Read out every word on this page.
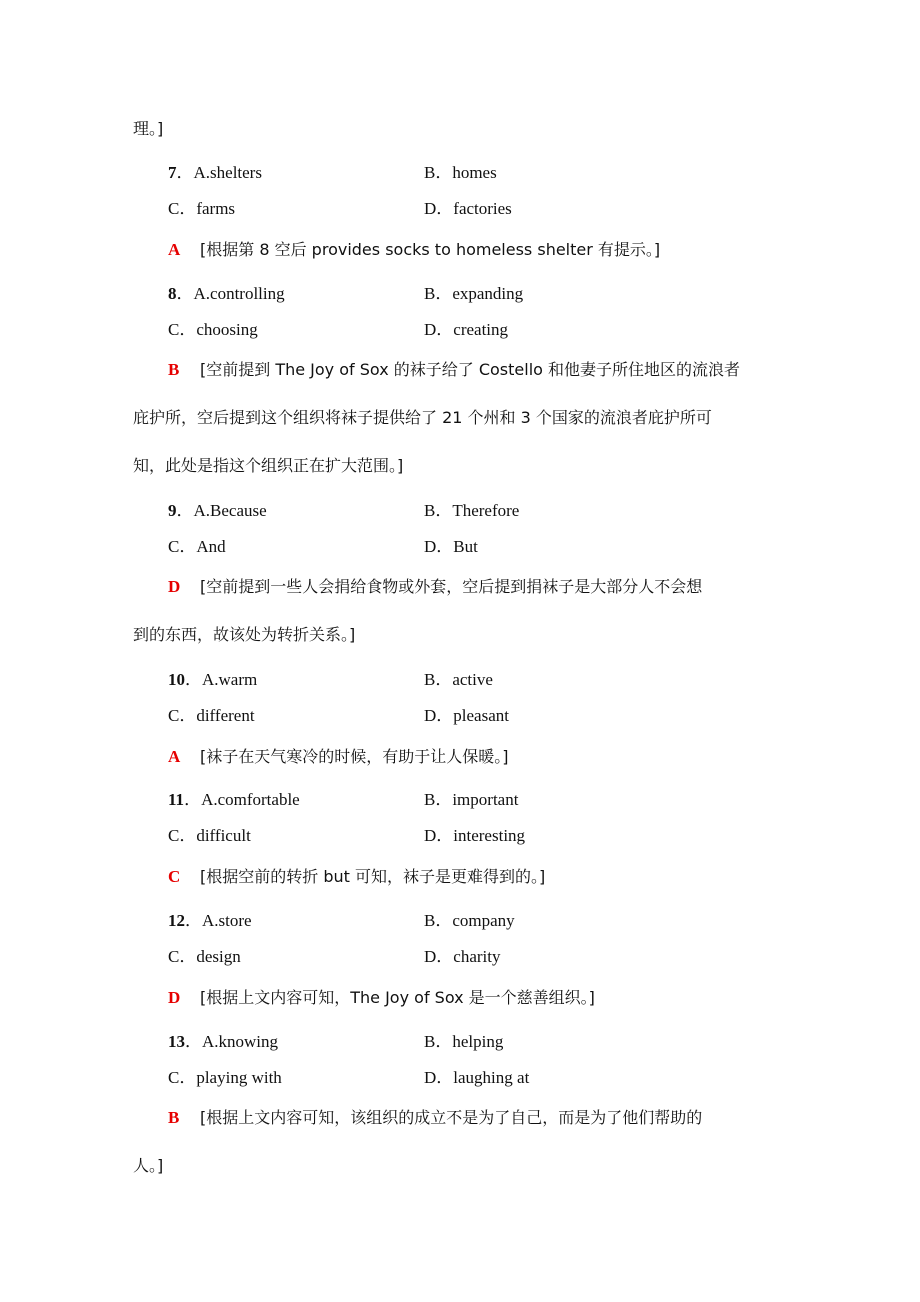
理。]
7．A.shelters	B．homes
C．farms	D．factories
A [根据第 8 空后 provides socks to homeless shelter 有提示。]
8．A.controlling	B．expanding
C．choosing	D．creating
B [空前提到 The Joy of Sox 的袜子给了 Costello 和他妻子所住地区的流浪者
庇护所，空后提到这个组织将袜子提供给了 21 个州和 3 个国家的流浪者庇护所可
知，此处是指这个组织正在扩大范围。]
9．A.Because	B．Therefore
C．And	D．But
D [空前提到一些人会捐给食物或外套，空后提到捐袜子是大部分人不会想
到的东西，故该处为转折关系。]
10．A.warm	B．active
C．different	D．pleasant
A [袜子在天气寒冷的时候，有助于让人保暖。]
11．A.comfortable	B．important
C．difficult	D．interesting
C [根据空前的转折 but 可知，袜子是更难得到的。]
12．A.store	B．company
C．design	D．charity
D [根据上文内容可知，The Joy of Sox 是一个慈善组织。]
13．A.knowing	B．helping
C．playing with	D．laughing at
B [根据上文内容可知，该组织的成立不是为了自己，而是为了他们帮助的
人。]
